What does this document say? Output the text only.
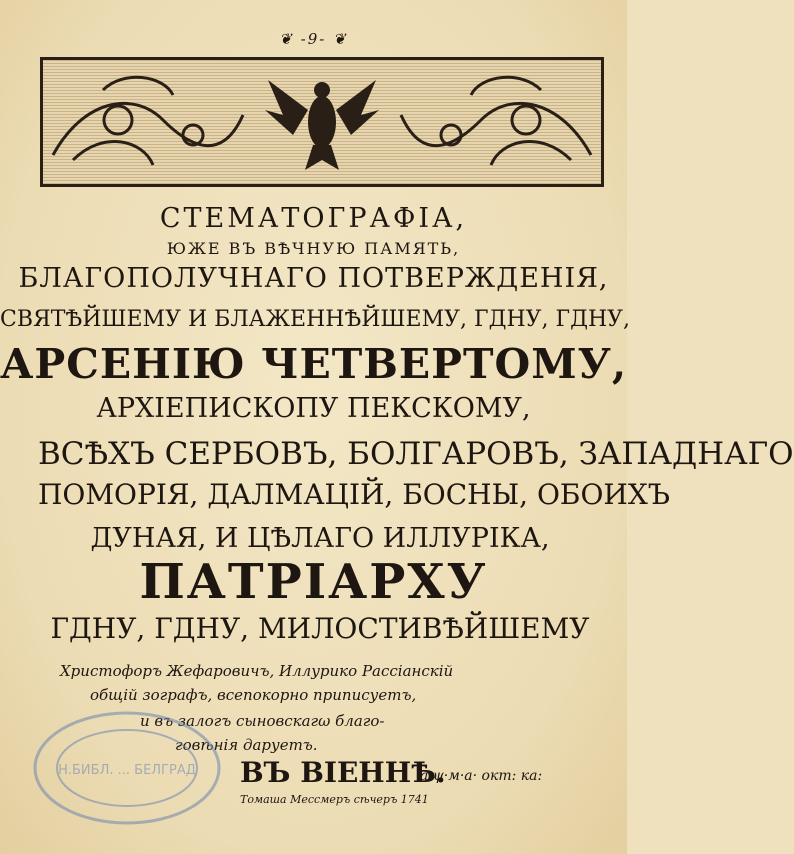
❦ -9- ❦
СТЕМАТОГРАФІА,
ЮЖЕ ВЪ ВѢЧНУЮ ПАМЯТЬ,
БЛАГОПОЛУЧНАГО ПОТВЕРЖДЕНІЯ,
СВЯТѢЙШЕМУ И БЛАЖЕННѢЙШЕМУ, ГДНУ, ГДНУ,
АРСЕНІЮ ЧЕТВЕРТОМУ,
АРХІЕПИСКОПУ ПЕКСКОМУ,
ВСѢХЪ СЕРБОВЪ, БОЛГАРОВЪ, ЗАПАДНАГО
ПОМОРІЯ, ДАЛМАЦІЙ, БОСНЫ, ОБОИХЪ
ДУНАЯ, И ЦѢЛАГО ИЛЛУРІКА,
ПАТРІАРХУ
ГДНУ, ГДНУ, МИЛОСТИВѢЙШЕМУ
Христофоръ Жефаровичъ, Иллурико Рассіанскій
общій зографъ, всепокорно приписуетъ,
и въ залогъ сыновскагω благо-
говѣнія даруетъ.
ВЪ ВІЕННѢ.
а·ψ·м·а· окт: ка:
Томаша Мессмеръ сѣчеръ 1741
Н.БИБЛ. ... БЕЛГРАД
